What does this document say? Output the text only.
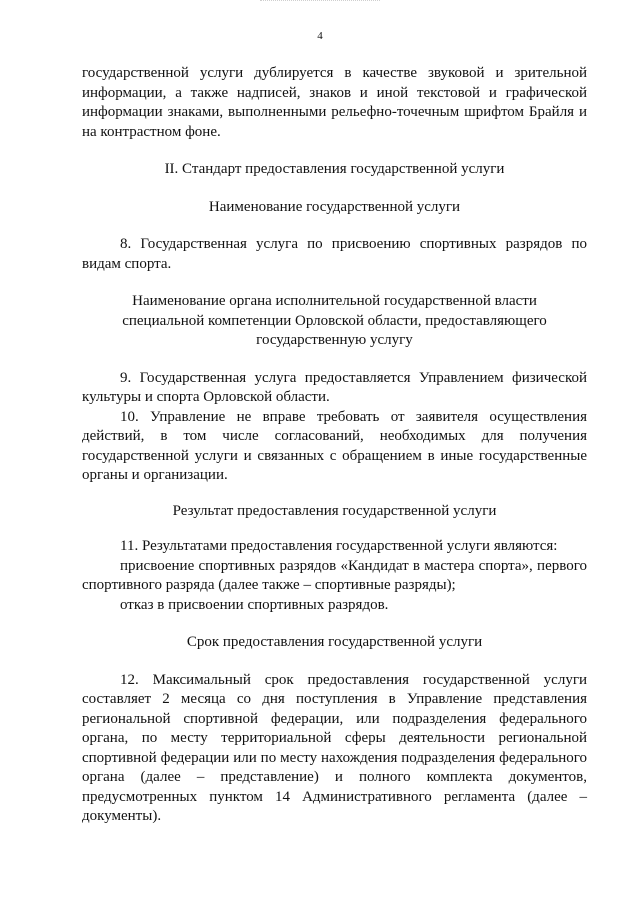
4

государственной услуги дублируется в качестве звуковой и зрительной информации, а также надписей, знаков и иной текстовой и графической информации знаками, выполненными рельефно-точечным шрифтом Брайля и на контрастном фоне.

II. Стандарт предоставления государственной услуги

Наименование государственной услуги

8. Государственная услуга по присвоению спортивных разрядов по видам спорта.

Наименование органа исполнительной государственной власти специальной компетенции Орловской области, предоставляющего государственную услугу

9. Государственная услуга предоставляется Управлением физической культуры и спорта Орловской области.

10. Управление не вправе требовать от заявителя осуществления действий, в том числе согласований, необходимых для получения государственной услуги и связанных с обращением в иные государственные органы и организации.

Результат предоставления государственной услуги

11. Результатами предоставления государственной услуги являются:

присвоение спортивных разрядов «Кандидат в мастера спорта», первого спортивного разряда (далее также – спортивные разряды);

отказ в присвоении спортивных разрядов.

Срок предоставления государственной услуги

12. Максимальный срок предоставления государственной услуги составляет 2 месяца со дня поступления в Управление представления региональной спортивной федерации, или подразделения федерального органа, по месту территориальной сферы деятельности региональной спортивной федерации или по месту нахождения подразделения федерального органа (далее – представление) и полного комплекта документов, предусмотренных пунктом 14 Административного регламента (далее – документы).
